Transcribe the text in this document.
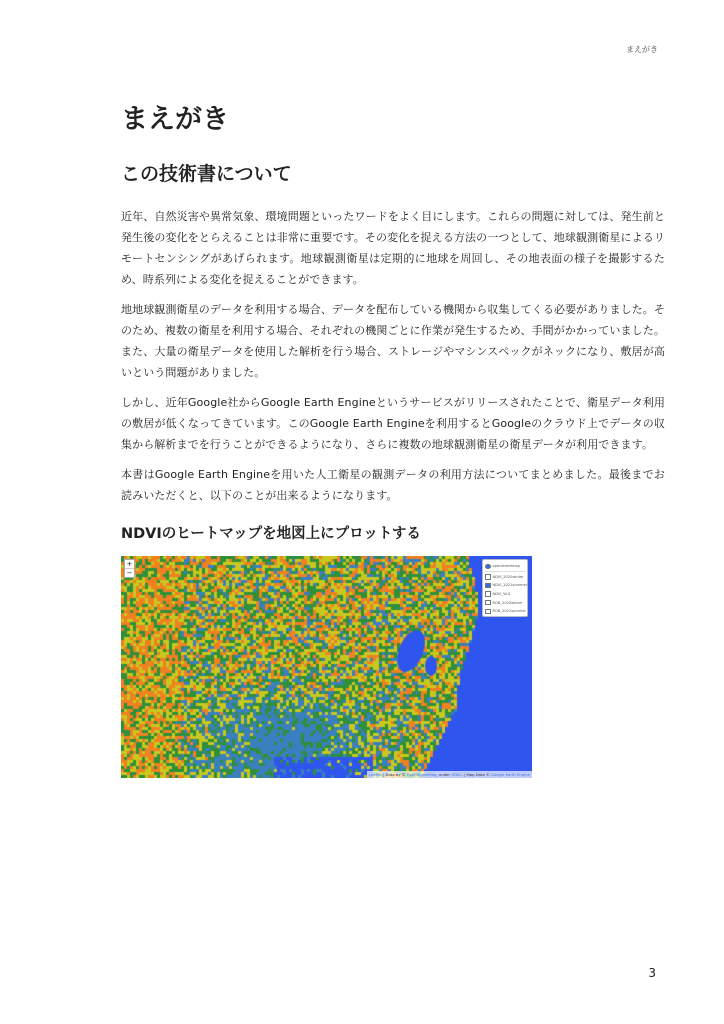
まえがき
まえがき
この技術書について

近年、自然災害や異常気象、環境問題といったワードをよく目にします。これらの問題に対しては、発生前と発生後の変化をとらえることは非常に重要です。その変化を捉える方法の一つとして、地球観測衛星によるリモートセンシングがあげられます。地球観測衛星は定期的に地球を周回し、その地表面の様子を撮影するため、時系列による変化を捉えることができます。

地地球観測衛星のデータを利用する場合、データを配布している機関から収集してくる必要がありました。そのため、複数の衛星を利用する場合、それぞれの機関ごとに作業が発生するため、手間がかかっていました。また、大量の衛星データを使用した解析を行う場合、ストレージやマシンスペックがネックになり、敷居が高いという問題がありました。

しかし、近年Google社からGoogle Earth Engineというサービスがリリースされたことで、衛星データ利用の敷居が低くなってきています。このGoogle Earth Engineを利用するとGoogleのクラウド上でデータの収集から解析までを行うことができるようになり、さらに複数の地球観測衛星の衛星データが利用できます。

本書はGoogle Earth Engineを用いた人工衛星の観測データの利用方法についてまとめました。最後までお読みいただくと、以下のことが出来るようになります。

NDVIのヒートマップを地図上にプロットする
+
−
openstreetmap
NDVI_2020winter
NDVI_2021summer
NDVI_W-S
RGB_2020winter
RGB_2021summer
Leaflet | Data by © OpenStreetMap, under ODbL. | Map Data © Google Earth Engine
3
